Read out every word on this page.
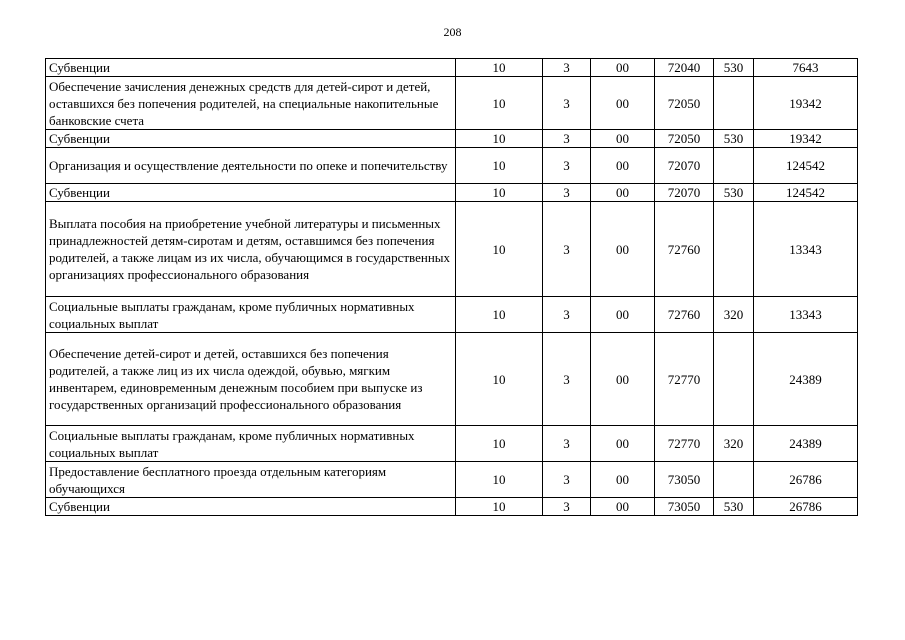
208
Субвенции	10	3	00	72040	530	7643
Обеспечение зачисления денежных средств для детей-сирот и детей, оставшихся без попечения родителей, на специальные накопительные банковские счета	10	3	00	72050		19342
Субвенции	10	3	00	72050	530	19342
Организация и осуществление деятельности по опеке и попечительству	10	3	00	72070		124542
Субвенции	10	3	00	72070	530	124542
Выплата пособия на приобретение учебной литературы и письменных принадлежностей детям-сиротам и детям, оставшимся без попечения родителей, а также лицам из их числа, обучающимся в государственных организациях профессионального образования	10	3	00	72760		13343
Социальные выплаты гражданам, кроме публичных нормативных социальных выплат	10	3	00	72760	320	13343
Обеспечение детей-сирот и детей, оставшихся без попечения родителей, а также лиц из их числа одеждой, обувью, мягким инвентарем, единовременным денежным пособием при выпуске из государственных организаций профессионального образования	10	3	00	72770		24389
Социальные выплаты гражданам, кроме публичных нормативных социальных выплат	10	3	00	72770	320	24389
Предоставление бесплатного проезда отдельным категориям обучающихся	10	3	00	73050		26786
Субвенции	10	3	00	73050	530	26786
